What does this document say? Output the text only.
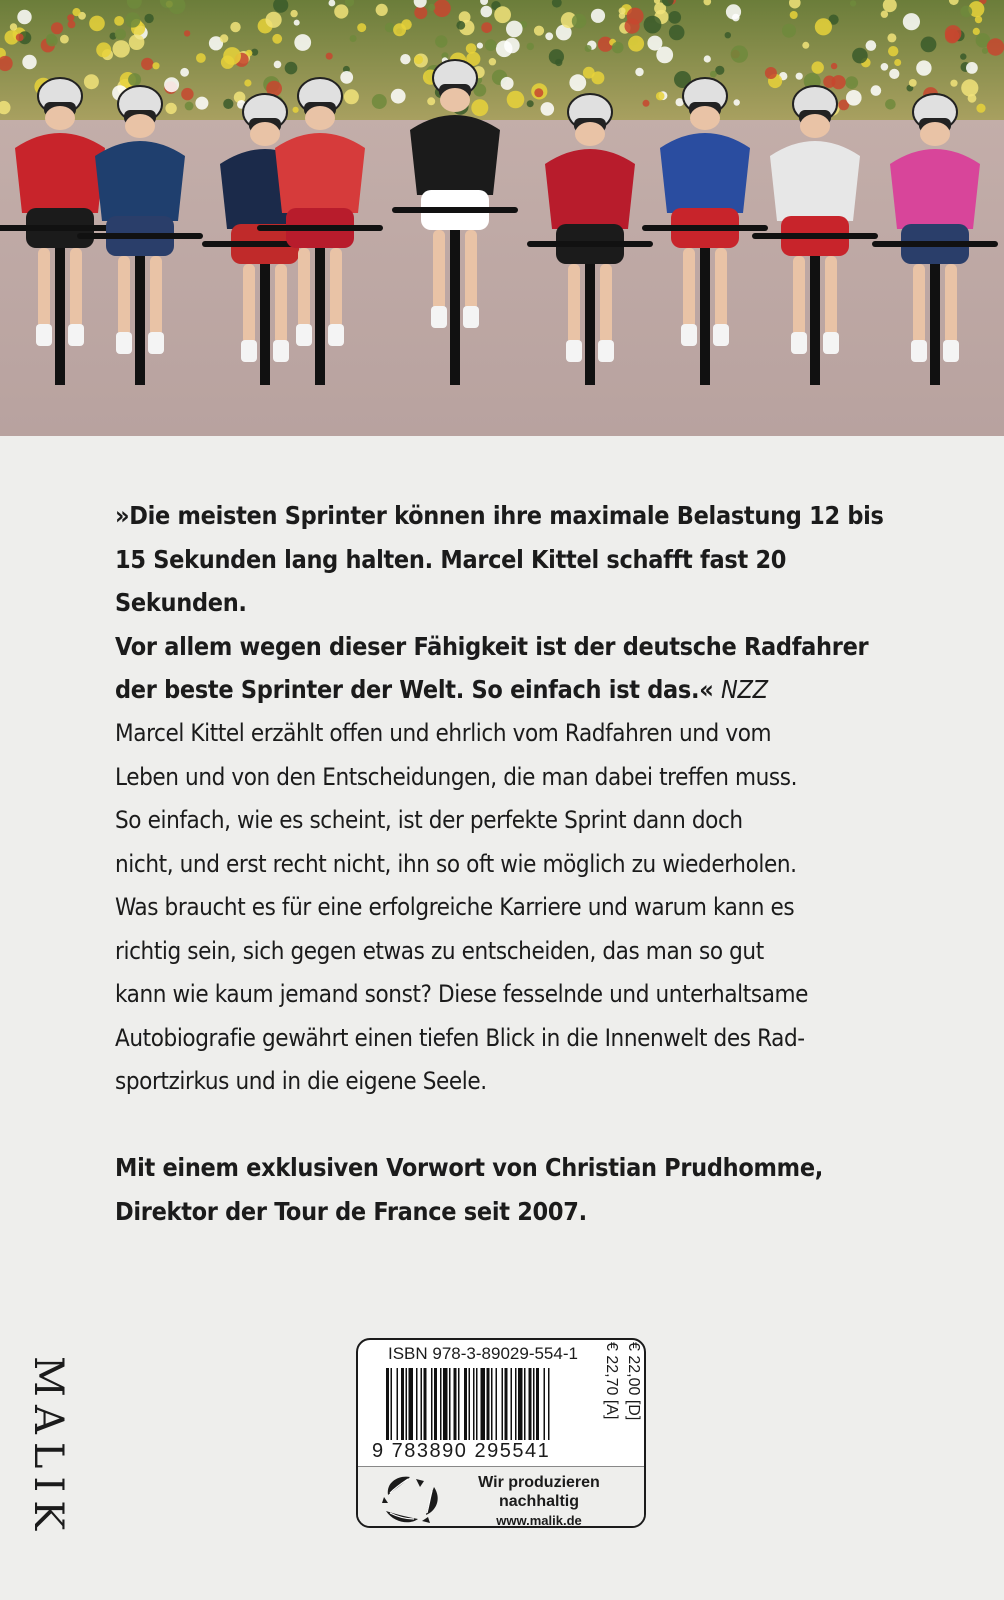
»Die meisten Sprinter können ihre maximale Belastung 12 bis
15 Sekunden lang halten. Marcel Kittel schafft fast 20 Sekunden.
Vor allem wegen dieser Fähigkeit ist der deutsche Radfahrer
der beste Sprinter der Welt. So einfach ist das.« NZZ
Marcel Kittel erzählt offen und ehrlich vom Radfahren und vom
Leben und von den Entscheidungen, die man dabei treffen muss.
So einfach, wie es scheint, ist der perfekte Sprint dann doch
nicht, und erst recht nicht, ihn so oft wie möglich zu wiederholen.
Was braucht es für eine erfolgreiche Karriere und warum kann es
richtig sein, sich gegen etwas zu entscheiden, das man so gut
kann wie kaum jemand sonst? Diese fesselnde und unterhaltsame
Autobiografie gewährt einen tiefen Blick in die Innenwelt des Rad-
sportzirkus und in die eigene Seele.
Mit einem exklusiven Vorwort von Christian Prudhomme,
Direktor der Tour de France seit 2007.
MALIK
ISBN 978-3-89029-554-1
9 783890 295541
€ 22,00 [D]
€ 22,70 [A]
Wir produzieren
nachhaltig
www.malik.de
